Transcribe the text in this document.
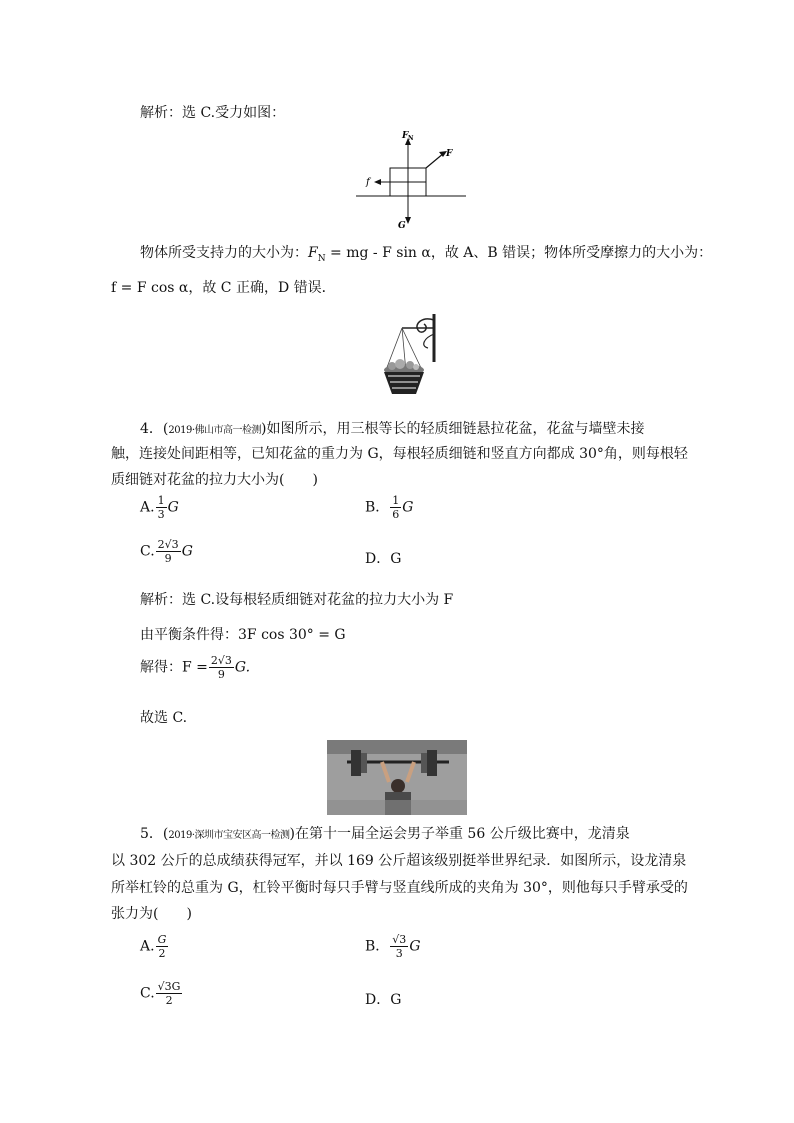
解析：选 C.受力如图：
F N
F
f
G
物体所受支持力的大小为：$F_N$ = mg - F sin α，故 A、B 错误；物体所受摩擦力的大小为：
f = F cos α，故 C 正确，D 错误．
4．(2019·佛山市高一检测)如图所示，用三根等长的轻质细链悬拉花盆，花盆与墙壁未接
触，连接处间距相等，已知花盆的重力为 G，每根轻质细链和竖直方向都成 30°角，则每根轻
质细链对花盆的拉力大小为(　　)
A. $\frac{1}{3}$ G	B． $\frac{1}{6}$ G
C. $\frac{2√3}{9}$ G	D．G
解析：选 C.设每根轻质细链对花盆的拉力大小为 F
由平衡条件得：3F cos 30° = G
解得：$F = \frac{2√3}{9} G$.
故选 C.
5．(2019·深圳市宝安区高一检测)在第十一届全运会男子举重 56 公斤级比赛中，龙清泉
以 302 公斤的总成绩获得冠军，并以 169 公斤超该级别挺举世界纪录．如图所示，设龙清泉
所举杠铃的总重为 G，杠铃平衡时每只手臂与竖直线所成的夹角为 30°，则他每只手臂承受的
张力为(　　)
A. $\frac{G}{2}$	B． $\frac{√3}{3}$ G
C. $\frac{√3G}{2}$	D．G
